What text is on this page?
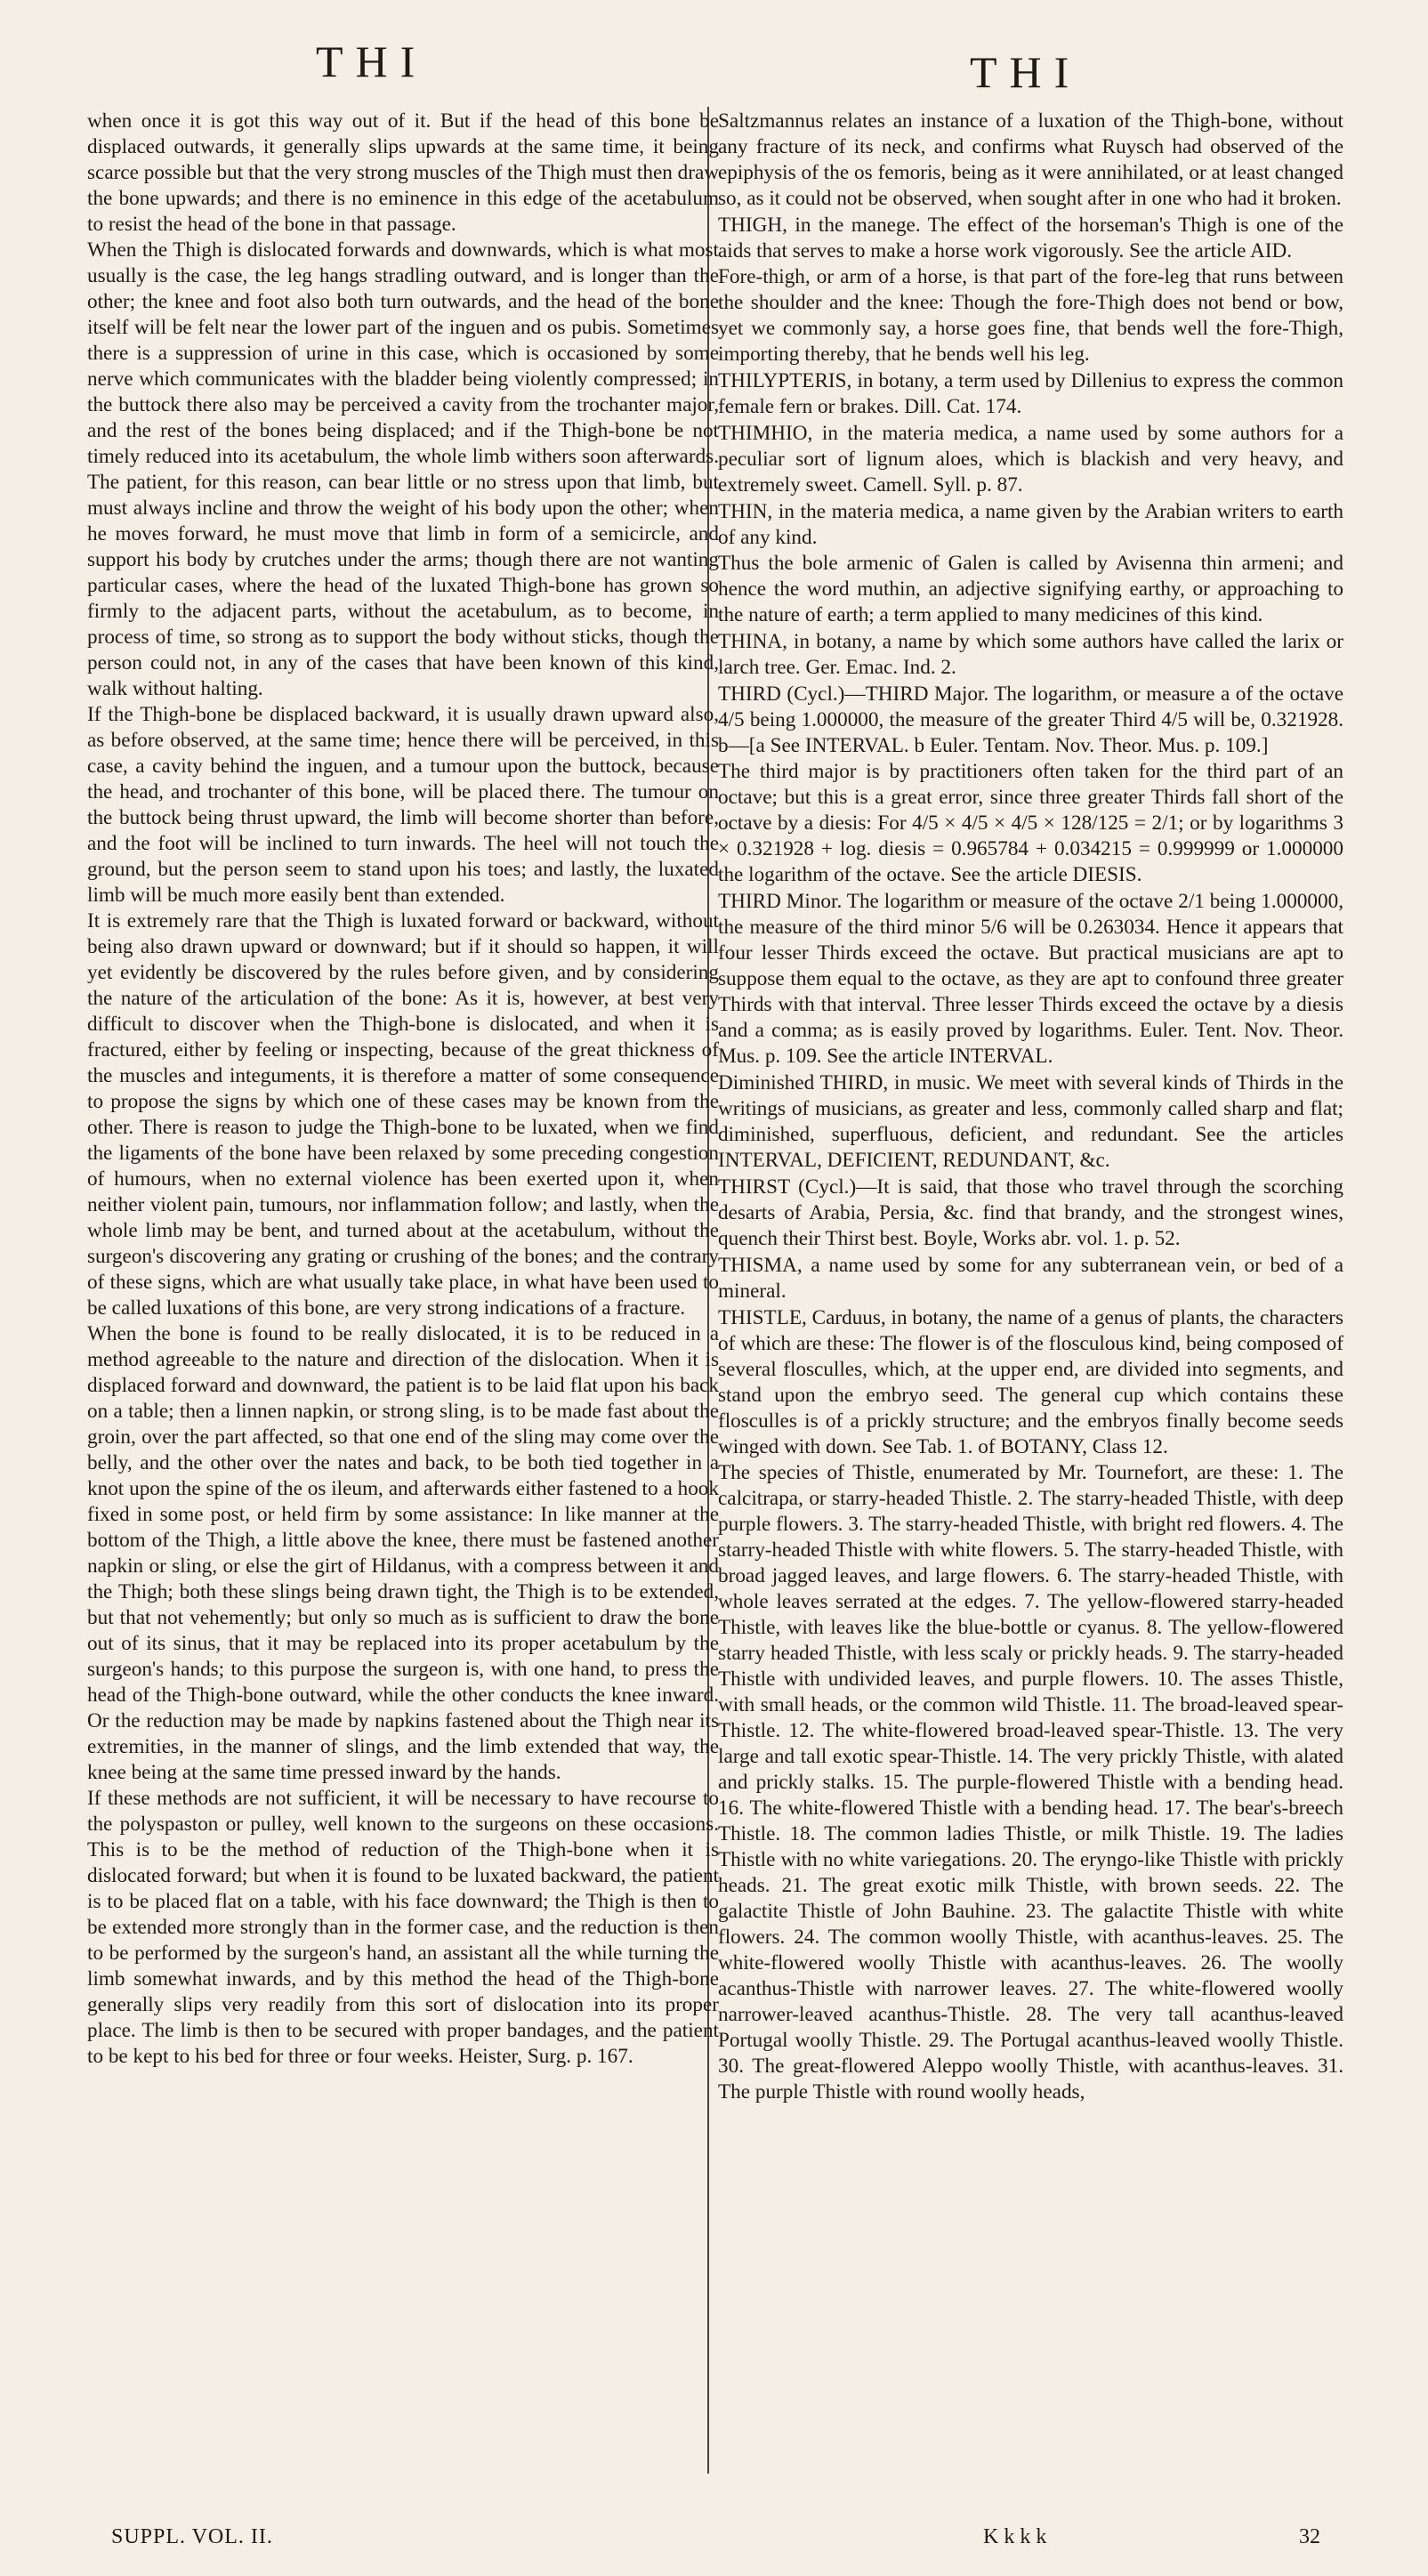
THI	THI

when once it is got this way out of it. But if the head of this bone be displaced outwards, it generally slips upwards at the same time, it being scarce possible but that the very strong muscles of the Thigh must then draw the bone upwards; and there is no eminence in this edge of the acetabulum to resist the head of the bone in that passage.

When the Thigh is dislocated forwards and downwards, which is what most usually is the case, the leg hangs stradling outward, and is longer than the other; the knee and foot also both turn outwards, and the head of the bone itself will be felt near the lower part of the inguen and os pubis. Sometimes there is a suppression of urine in this case, which is occasioned by some nerve which communicates with the bladder being violently compressed; in the buttock there also may be perceived a cavity from the trochanter major, and the rest of the bones being displaced; and if the Thigh-bone be not timely reduced into its acetabulum, the whole limb withers soon afterwards. The patient, for this reason, can bear little or no stress upon that limb, but must always incline and throw the weight of his body upon the other; when he moves forward, he must move that limb in form of a semicircle, and support his body by crutches under the arms; though there are not wanting particular cases, where the head of the luxated Thigh-bone has grown so firmly to the adjacent parts, without the acetabulum, as to become, in process of time, so strong as to support the body without sticks, though the person could not, in any of the cases that have been known of this kind, walk without halting.

If the Thigh-bone be displaced backward, it is usually drawn upward also, as before observed, at the same time; hence there will be perceived, in this case, a cavity behind the inguen, and a tumour upon the buttock, because the head, and trochanter of this bone, will be placed there. The tumour on the buttock being thrust upward, the limb will become shorter than before, and the foot will be inclined to turn inwards. The heel will not touch the ground, but the person seem to stand upon his toes; and lastly, the luxated limb will be much more easily bent than extended.

It is extremely rare that the Thigh is luxated forward or backward, without being also drawn upward or downward; but if it should so happen, it will yet evidently be discovered by the rules before given, and by considering the nature of the articulation of the bone: As it is, however, at best very difficult to discover when the Thigh-bone is dislocated, and when it is fractured, either by feeling or inspecting, because of the great thickness of the muscles and integuments, it is therefore a matter of some consequence to propose the signs by which one of these cases may be known from the other. There is reason to judge the Thigh-bone to be luxated, when we find the ligaments of the bone have been relaxed by some preceding congestion of humours, when no external violence has been exerted upon it, when neither violent pain, tumours, nor inflammation follow; and lastly, when the whole limb may be bent, and turned about at the acetabulum, without the surgeon's discovering any grating or crushing of the bones; and the contrary of these signs, which are what usually take place, in what have been used to be called luxations of this bone, are very strong indications of a fracture.

When the bone is found to be really dislocated, it is to be reduced in a method agreeable to the nature and direction of the dislocation. When it is displaced forward and downward, the patient is to be laid flat upon his back on a table; then a linnen napkin, or strong sling, is to be made fast about the groin, over the part affected, so that one end of the sling may come over the belly, and the other over the nates and back, to be both tied together in a knot upon the spine of the os ileum, and afterwards either fastened to a hook fixed in some post, or held firm by some assistance: In like manner at the bottom of the Thigh, a little above the knee, there must be fastened another napkin or sling, or else the girt of Hildanus, with a compress between it and the Thigh; both these slings being drawn tight, the Thigh is to be extended, but that not vehemently; but only so much as is sufficient to draw the bone out of its sinus, that it may be replaced into its proper acetabulum by the surgeon's hands; to this purpose the surgeon is, with one hand, to press the head of the Thigh-bone outward, while the other conducts the knee inward. Or the reduction may be made by napkins fastened about the Thigh near its extremities, in the manner of slings, and the limb extended that way, the knee being at the same time pressed inward by the hands.

If these methods are not sufficient, it will be necessary to have recourse to the polyspaston or pulley, well known to the surgeons on these occasions. This is to be the method of reduction of the Thigh-bone when it is dislocated forward; but when it is found to be luxated backward, the patient is to be placed flat on a table, with his face downward; the Thigh is then to be extended more strongly than in the former case, and the reduction is then to be performed by the surgeon's hand, an assistant all the while turning the limb somewhat inwards, and by this method the head of the Thigh-bone generally slips very readily from this sort of dislocation into its proper place. The limb is then to be secured with proper bandages, and the patient to be kept to his bed for three or four weeks. Heister, Surg. p. 167.

Saltzmannus relates an instance of a luxation of the Thigh-bone, without any fracture of its neck, and confirms what Ruysch had observed of the epiphysis of the os femoris, being as it were annihilated, or at least changed so, as it could not be observed, when sought after in one who had it broken.

THIGH, in the manege. The effect of the horseman's Thigh is one of the aids that serves to make a horse work vigorously. See the article AID.

Fore-thigh, or arm of a horse, is that part of the fore-leg that runs between the shoulder and the knee: Though the fore-Thigh does not bend or bow, yet we commonly say, a horse goes fine, that bends well the fore-Thigh, importing thereby, that he bends well his leg.

THILYPTERIS, in botany, a term used by Dillenius to express the common female fern or brakes. Dill. Cat. 174.

THIMHIO, in the materia medica, a name used by some authors for a peculiar sort of lignum aloes, which is blackish and very heavy, and extremely sweet. Camell. Syll. p. 87.

THIN, in the materia medica, a name given by the Arabian writers to earth of any kind.

Thus the bole armenic of Galen is called by Avisenna thin armeni; and hence the word muthin, an adjective signifying earthy, or approaching to the nature of earth; a term applied to many medicines of this kind.

THINA, in botany, a name by which some authors have called the larix or larch tree. Ger. Emac. Ind. 2.

THIRD (Cycl.)—THIRD Major. The logarithm, or measure a of the octave 4/5 being 1.000000, the measure of the greater Third 4/5 will be, 0.321928. b—[a See INTERVAL. b Euler. Tentam. Nov. Theor. Mus. p. 109.]

The third major is by practitioners often taken for the third part of an octave; but this is a great error, since three greater Thirds fall short of the octave by a diesis: For 4/5 × 4/5 × 4/5 × 128/125 = 2/1; or by logarithms 3 × 0.321928 + log. diesis = 0.965784 + 0.034215 = 0.999999 or 1.000000 the logarithm of the octave. See the article DIESIS.

THIRD Minor. The logarithm or measure of the octave 2/1 being 1.000000, the measure of the third minor 5/6 will be 0.263034. Hence it appears that four lesser Thirds exceed the octave. But practical musicians are apt to suppose them equal to the octave, as they are apt to confound three greater Thirds with that interval. Three lesser Thirds exceed the octave by a diesis and a comma; as is easily proved by logarithms. Euler. Tent. Nov. Theor. Mus. p. 109. See the article INTERVAL.

Diminished THIRD, in music. We meet with several kinds of Thirds in the writings of musicians, as greater and less, commonly called sharp and flat; diminished, superfluous, deficient, and redundant. See the articles INTERVAL, DEFICIENT, REDUNDANT, &c.

THIRST (Cycl.)—It is said, that those who travel through the scorching desarts of Arabia, Persia, &c. find that brandy, and the strongest wines, quench their Thirst best. Boyle, Works abr. vol. 1. p. 52.

THISMA, a name used by some for any subterranean vein, or bed of a mineral.

THISTLE, Carduus, in botany, the name of a genus of plants, the characters of which are these: The flower is of the flosculous kind, being composed of several flosculles, which, at the upper end, are divided into segments, and stand upon the embryo seed. The general cup which contains these flosculles is of a prickly structure; and the embryos finally become seeds winged with down. See Tab. 1. of BOTANY, Class 12.

The species of Thistle, enumerated by Mr. Tournefort, are these: 1. The calcitrapa, or starry-headed Thistle. 2. The starry-headed Thistle, with deep purple flowers. 3. The starry-headed Thistle, with bright red flowers. 4. The starry-headed Thistle with white flowers. 5. The starry-headed Thistle, with broad jagged leaves, and large flowers. 6. The starry-headed Thistle, with whole leaves serrated at the edges. 7. The yellow-flowered starry-headed Thistle, with leaves like the blue-bottle or cyanus. 8. The yellow-flowered starry headed Thistle, with less scaly or prickly heads. 9. The starry-headed Thistle with undivided leaves, and purple flowers. 10. The asses Thistle, with small heads, or the common wild Thistle. 11. The broad-leaved spear-Thistle. 12. The white-flowered broad-leaved spear-Thistle. 13. The very large and tall exotic spear-Thistle. 14. The very prickly Thistle, with alated and prickly stalks. 15. The purple-flowered Thistle with a bending head. 16. The white-flowered Thistle with a bending head. 17. The bear's-breech Thistle. 18. The common ladies Thistle, or milk Thistle. 19. The ladies Thistle with no white variegations. 20. The eryngo-like Thistle with prickly heads. 21. The great exotic milk Thistle, with brown seeds. 22. The galactite Thistle of John Bauhine. 23. The galactite Thistle with white flowers. 24. The common woolly Thistle, with acanthus-leaves. 25. The white-flowered woolly Thistle with acanthus-leaves. 26. The woolly acanthus-Thistle with narrower leaves. 27. The white-flowered woolly narrower-leaved acanthus-Thistle. 28. The very tall acanthus-leaved Portugal woolly Thistle. 29. The Portugal acanthus-leaved woolly Thistle. 30. The great-flowered Aleppo woolly Thistle, with acanthus-leaves. 31. The purple Thistle with round woolly heads,

SUPPL. VOL. II.	Kkkk	32
